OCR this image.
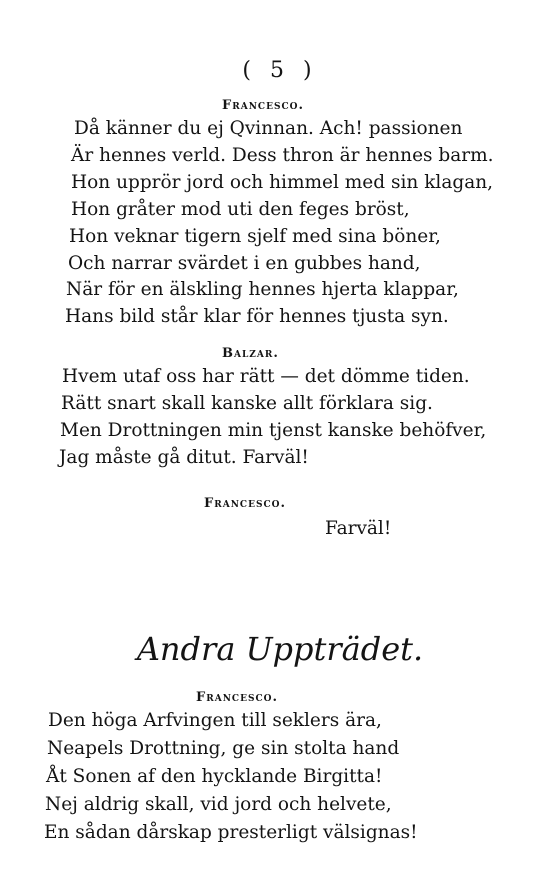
( 5 )
Francesco.
Då känner du ej Qvinnan. Ach! passionen
Är hennes verld. Dess thron är hennes barm.
Hon upprör jord och himmel med sin klagan,
Hon gråter mod uti den feges bröst,
Hon veknar tigern sjelf med sina böner,
Och narrar svärdet i en gubbes hand,
När för en älskling hennes hjerta klappar,
Hans bild står klar för hennes tjusta syn.
Balzar.
Hvem utaf oss har rätt — det dömme tiden.
Rätt snart skall kanske allt förklara sig.
Men Drottningen min tjenst kanske behöfver,
Jag måste gå ditut. Farväl!
Francesco.
Farväl!
Andra Uppträdet.
Francesco.
Den höga Arfvingen till seklers ära,
Neapels Drottning, ge sin stolta hand
Åt Sonen af den hycklande Birgitta!
Nej aldrig skall, vid jord och helvete,
En sådan dårskap presterligt välsignas!
